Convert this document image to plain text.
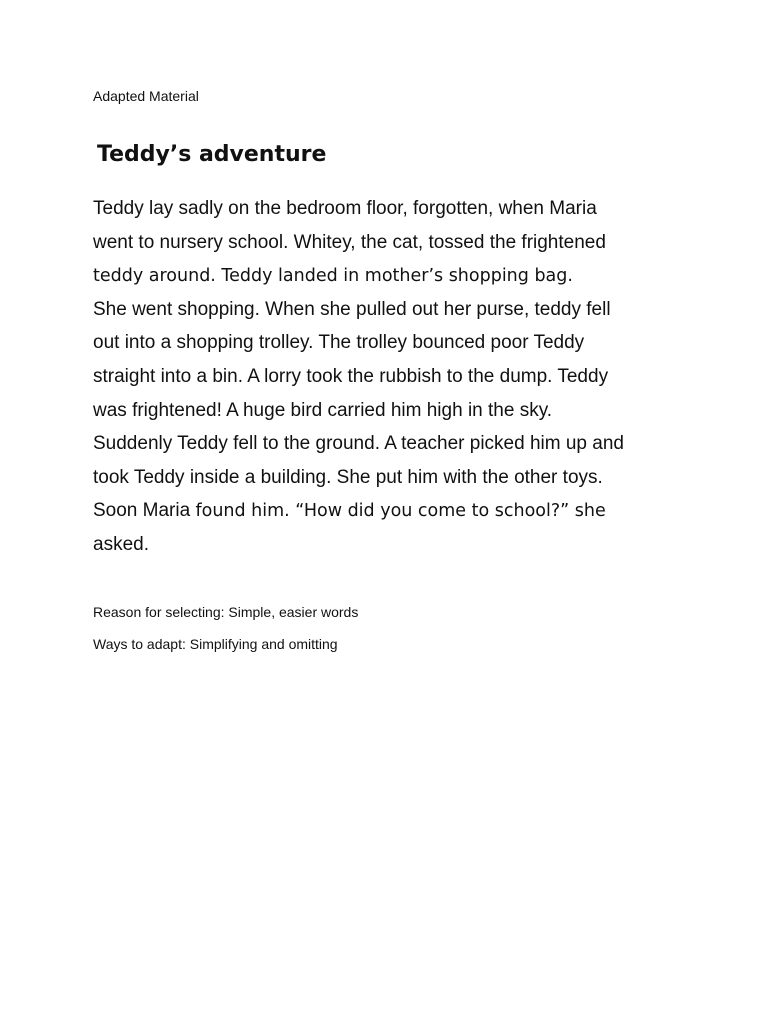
Adapted Material
Teddy’s adventure
Teddy lay sadly on the bedroom floor, forgotten, when Maria
went to nursery school. Whitey, the cat, tossed the frightened
teddy around. Teddy landed in mother’s shopping bag.
She went shopping. When she pulled out her purse, teddy fell
out into a shopping trolley. The trolley bounced poor Teddy
straight into a bin. A lorry took the rubbish to the dump. Teddy
was frightened! A huge bird carried him high in the sky.
Suddenly Teddy fell to the ground. A teacher picked him up and
took Teddy inside a building. She put him with the other toys.
Soon Maria found him. “How did you come to school?” she
asked.
Reason for selecting: Simple, easier words
Ways to adapt: Simplifying and omitting
